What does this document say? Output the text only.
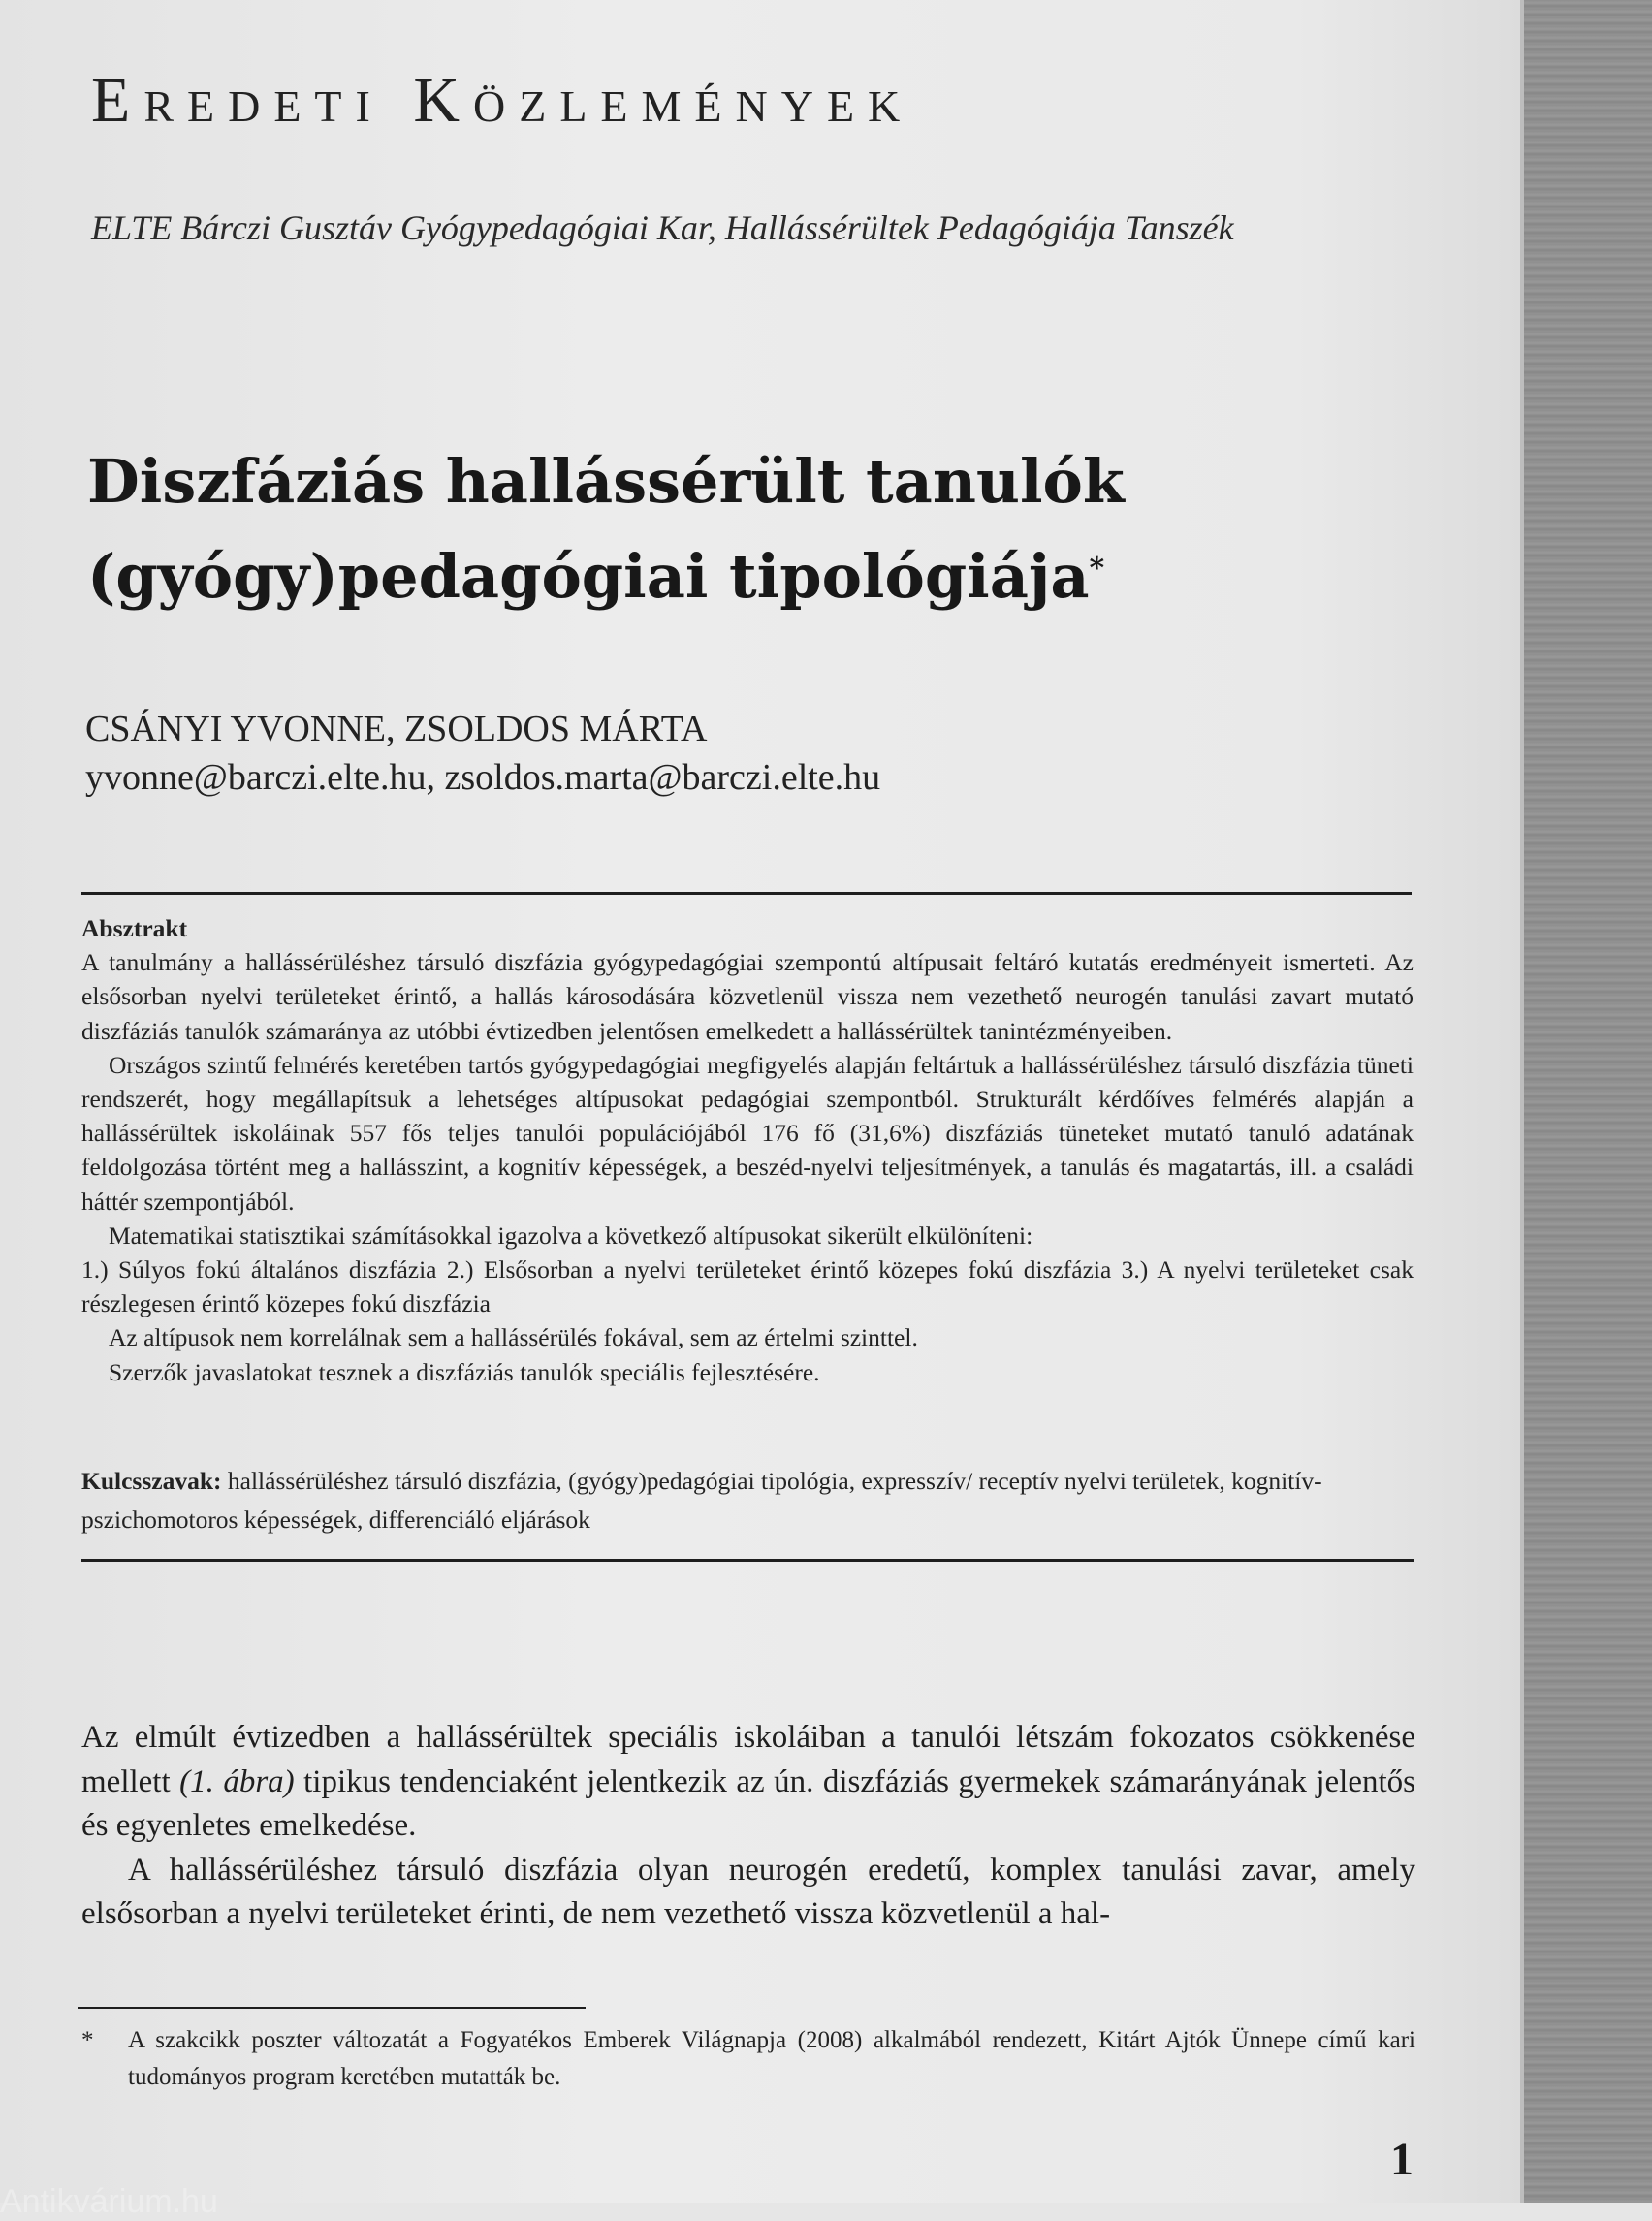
Eredeti Közlemények
ELTE Bárczi Gusztáv Gyógypedagógiai Kar, Hallássérültek Pedagógiája Tanszék
Diszfáziás hallássérült tanulók
(gyógy)pedagógiai tipológiája*
CSÁNYI YVONNE, ZSOLDOS MÁRTA
yvonne@barczi.elte.hu, zsoldos.marta@barczi.elte.hu
Absztrakt

A tanulmány a hallássérüléshez társuló diszfázia gyógypedagógiai szempontú altípusait feltáró kutatás eredményeit ismerteti. Az elsősorban nyelvi területeket érintő, a hallás károsodására közvetlenül vissza nem vezethető neurogén tanulási zavart mutató diszfáziás tanulók számaránya az utóbbi évtizedben jelentősen emelkedett a hallássérültek tanintézményeiben.

Országos szintű felmérés keretében tartós gyógypedagógiai megfigyelés alapján feltártuk a hallássérüléshez társuló diszfázia tüneti rendszerét, hogy megállapítsuk a lehetséges altípusokat pedagógiai szempontból. Strukturált kérdőíves felmérés alapján a hallássérültek iskoláinak 557 fős teljes tanulói populációjából 176 fő (31,6%) diszfáziás tüneteket mutató tanuló adatának feldolgozása történt meg a hallásszint, a kognitív képességek, a beszéd-nyelvi teljesítmények, a tanulás és magatartás, ill. a családi háttér szempontjából.

Matematikai statisztikai számításokkal igazolva a következő altípusokat sikerült elkülöníteni:

1.) Súlyos fokú általános diszfázia 2.) Elsősorban a nyelvi területeket érintő közepes fokú diszfázia 3.) A nyelvi területeket csak részlegesen érintő közepes fokú diszfázia

Az altípusok nem korrelálnak sem a hallássérülés fokával, sem az értelmi szinttel.

Szerzők javaslatokat tesznek a diszfáziás tanulók speciális fejlesztésére.

Kulcsszavak: hallássérüléshez társuló diszfázia, (gyógy)pedagógiai tipológia, expresszív/ receptív nyelvi területek, kognitív-pszichomotoros képességek, differenciáló eljárások

Az elmúlt évtizedben a hallássérültek speciális iskoláiban a tanulói létszám fokozatos csökkenése mellett (1. ábra) tipikus tendenciaként jelentkezik az ún. diszfáziás gyermekek számarányának jelentős és egyenletes emelkedése.

A hallássérüléshez társuló diszfázia olyan neurogén eredetű, komplex tanulási zavar, amely elsősorban a nyelvi területeket érinti, de nem vezethető vissza közvetlenül a hal-

* A szakcikk poszter változatát a Fogyatékos Emberek Világnapja (2008) alkalmából rendezett, Kitárt Ajtók Ünnepe című kari tudományos program keretében mutatták be.
1
Antikvárium.hu
